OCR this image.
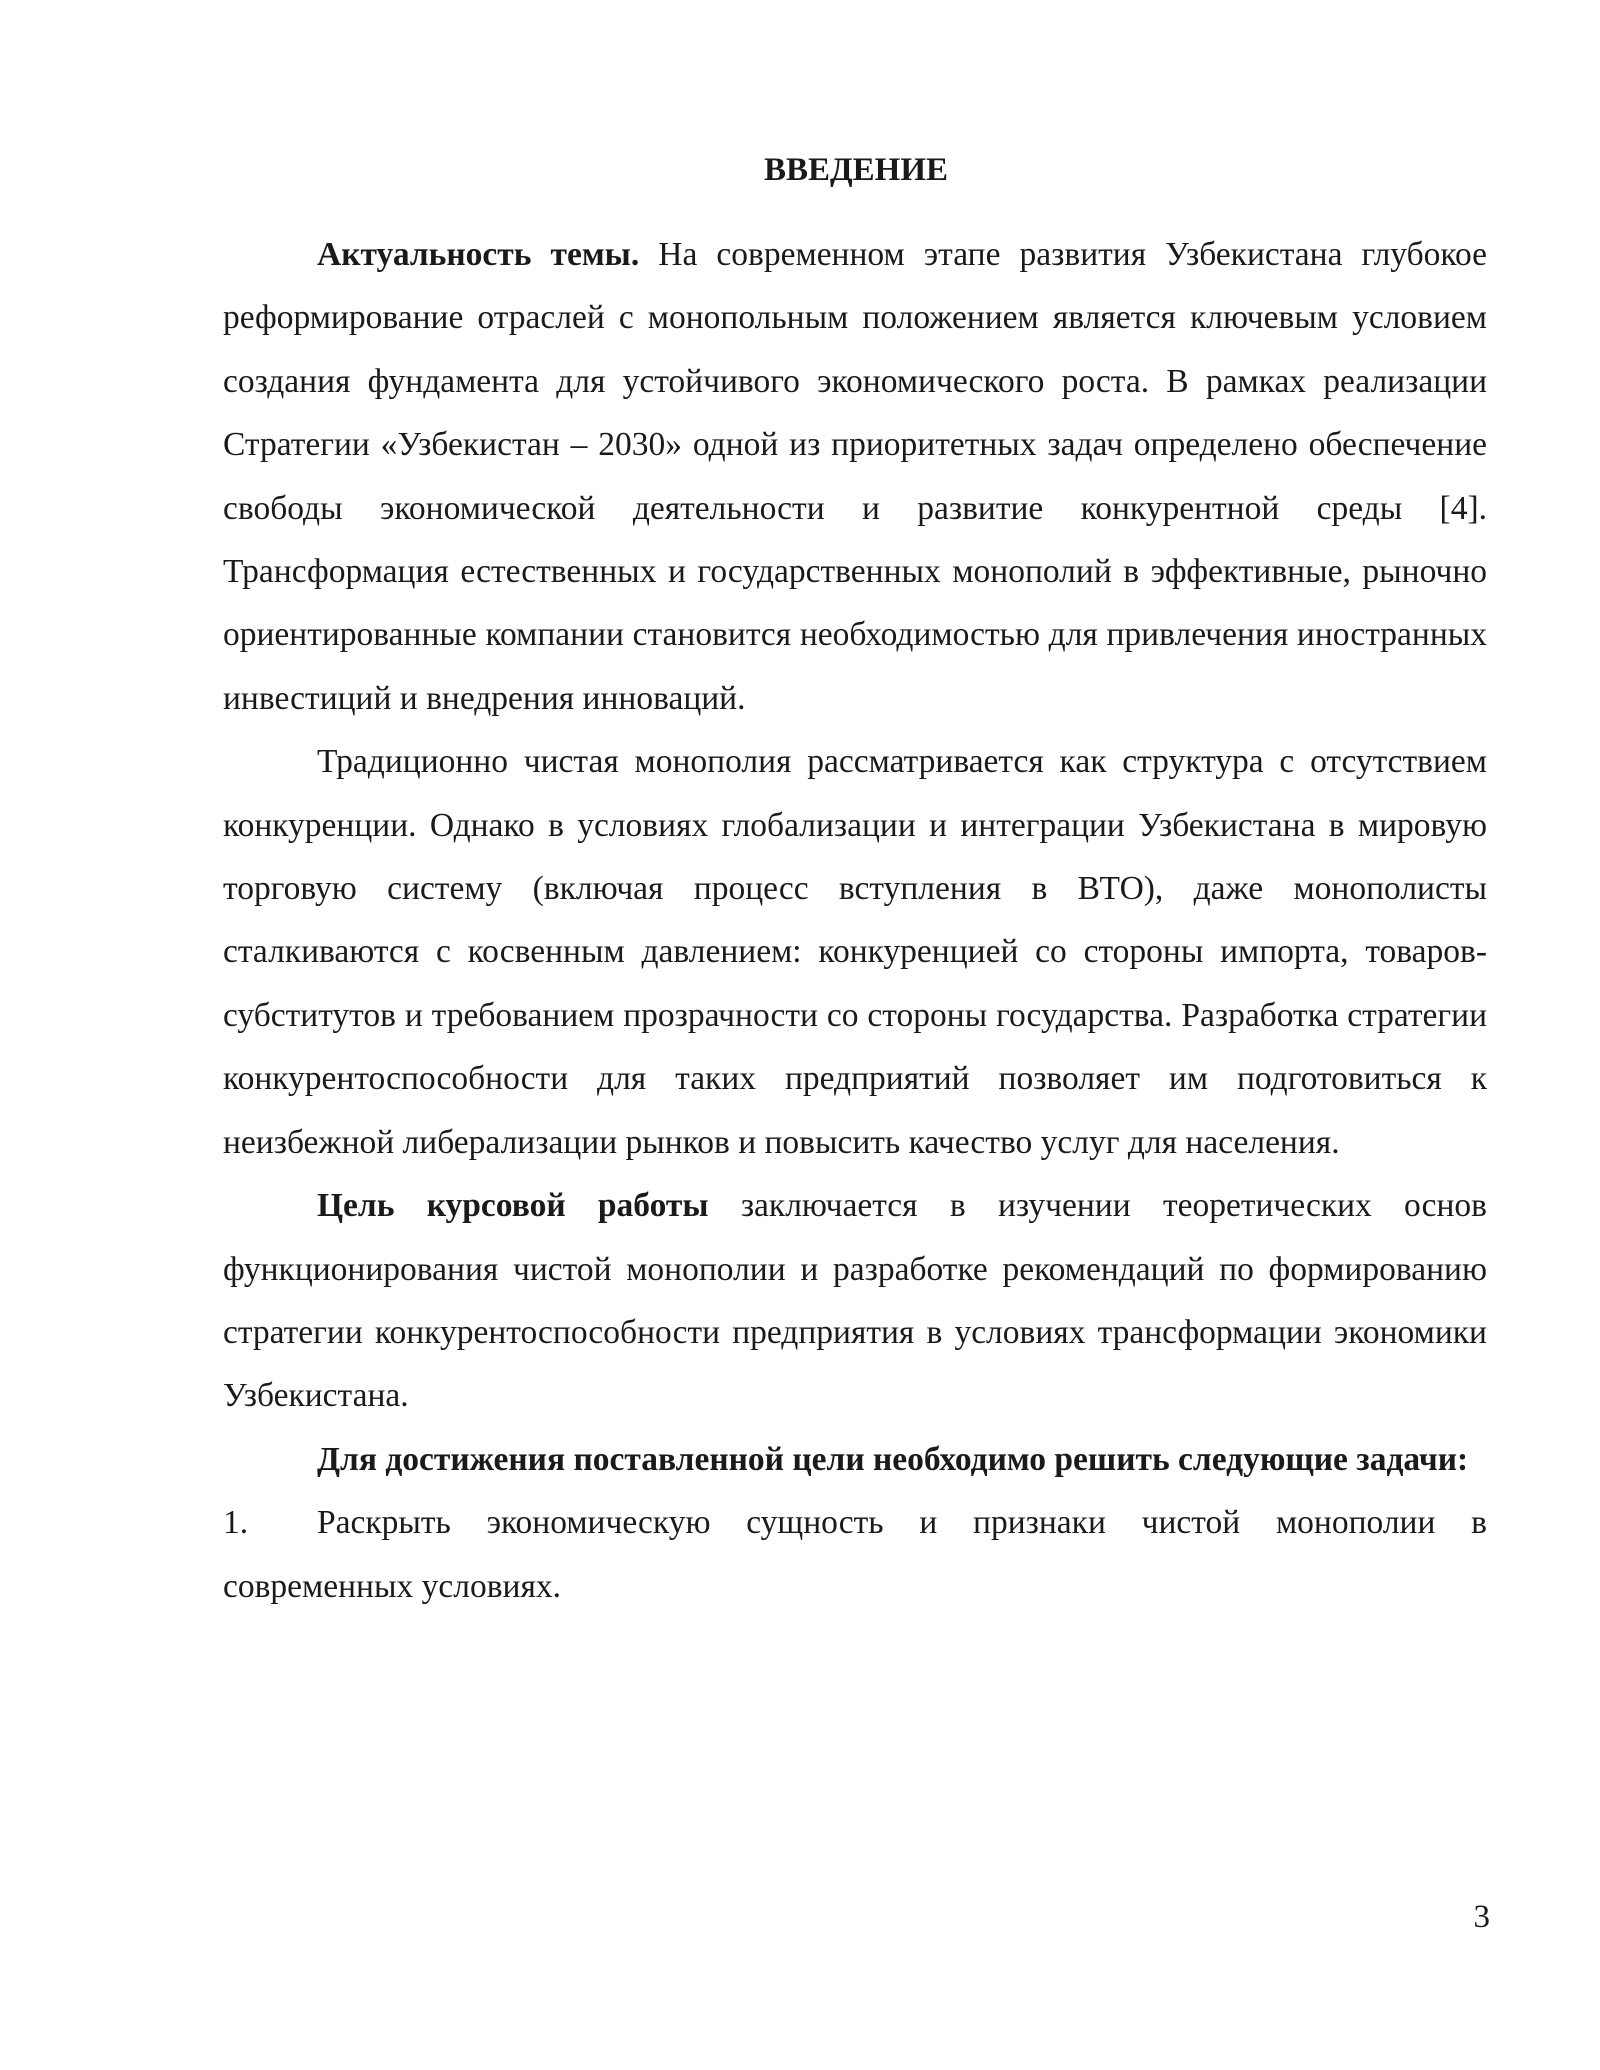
ВВЕДЕНИЕ

Актуальность темы. На современном этапе развития Узбекистана глубокое реформирование отраслей с монопольным положением является ключевым условием создания фундамента для устойчивого экономического роста. В рамках реализации Стратегии «Узбекистан – 2030» одной из приоритетных задач определено обеспечение свободы экономической деятельности и развитие конкурентной среды [4]. Трансформация естественных и государственных монополий в эффективные, рыночно ориентированные компании становится необходимостью для привлечения иностранных инвестиций и внедрения инноваций.

Традиционно чистая монополия рассматривается как структура с отсутствием конкуренции. Однако в условиях глобализации и интеграции Узбекистана в мировую торговую систему (включая процесс вступления в ВТО), даже монополисты сталкиваются с косвенным давлением: конкуренцией со стороны импорта, товаров-субститутов и требованием прозрачности со стороны государства. Разработка стратегии конкурентоспособности для таких предприятий позволяет им подготовиться к неизбежной либерализации рынков и повысить качество услуг для населения.

Цель курсовой работы заключается в изучении теоретических основ функционирования чистой монополии и разработке рекомендаций по формированию стратегии конкурентоспособности предприятия в условиях трансформации экономики Узбекистана.

Для достижения поставленной цели необходимо решить следующие задачи:

1. Раскрыть экономическую сущность и признаки чистой монополии в современных условиях.

3
